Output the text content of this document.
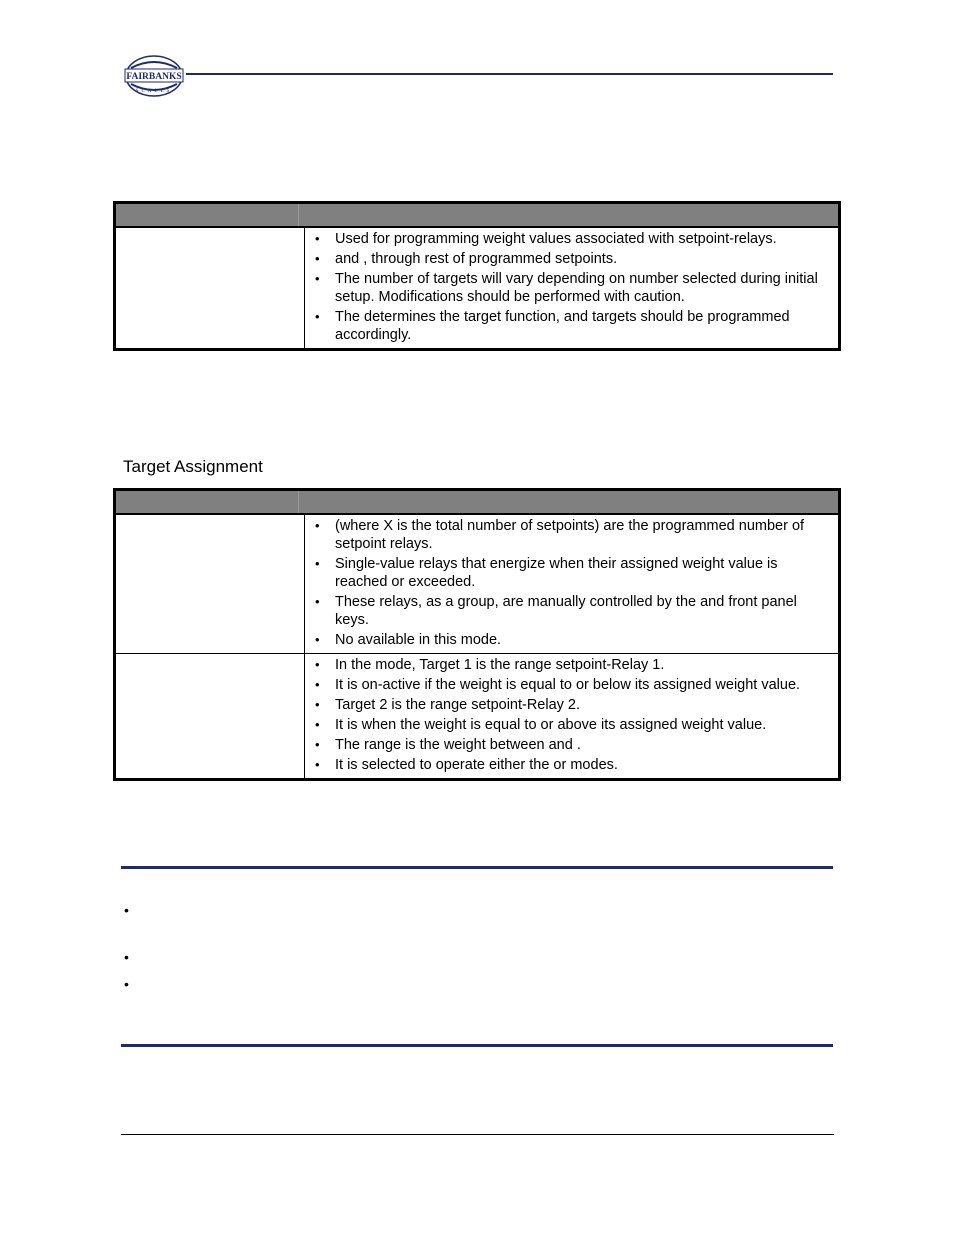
FAIRBANKS
SCALES
• Used for programming weight values associated with setpoint-relays.
• and , through rest of programmed setpoints.
• The number of targets will vary depending on number selected during initial setup. Modifications should be performed with caution.
• The determines the target function, and targets should be programmed accordingly.
Target Assignment
• (where X is the total number of setpoints) are the programmed number of setpoint relays.
• Single-value relays that energize when their assigned weight value is reached or exceeded.
• These relays, as a group, are manually controlled by the and front panel keys.
• No available in this mode.
• In the mode, Target 1 is the range setpoint-Relay 1.
• It is on-active if the weight is equal to or below its assigned weight value.
• Target 2 is the range setpoint-Relay 2.
• It is when the weight is equal to or above its assigned weight value.
• The range is the weight between and .
• It is selected to operate either the or modes.
•
•
•
